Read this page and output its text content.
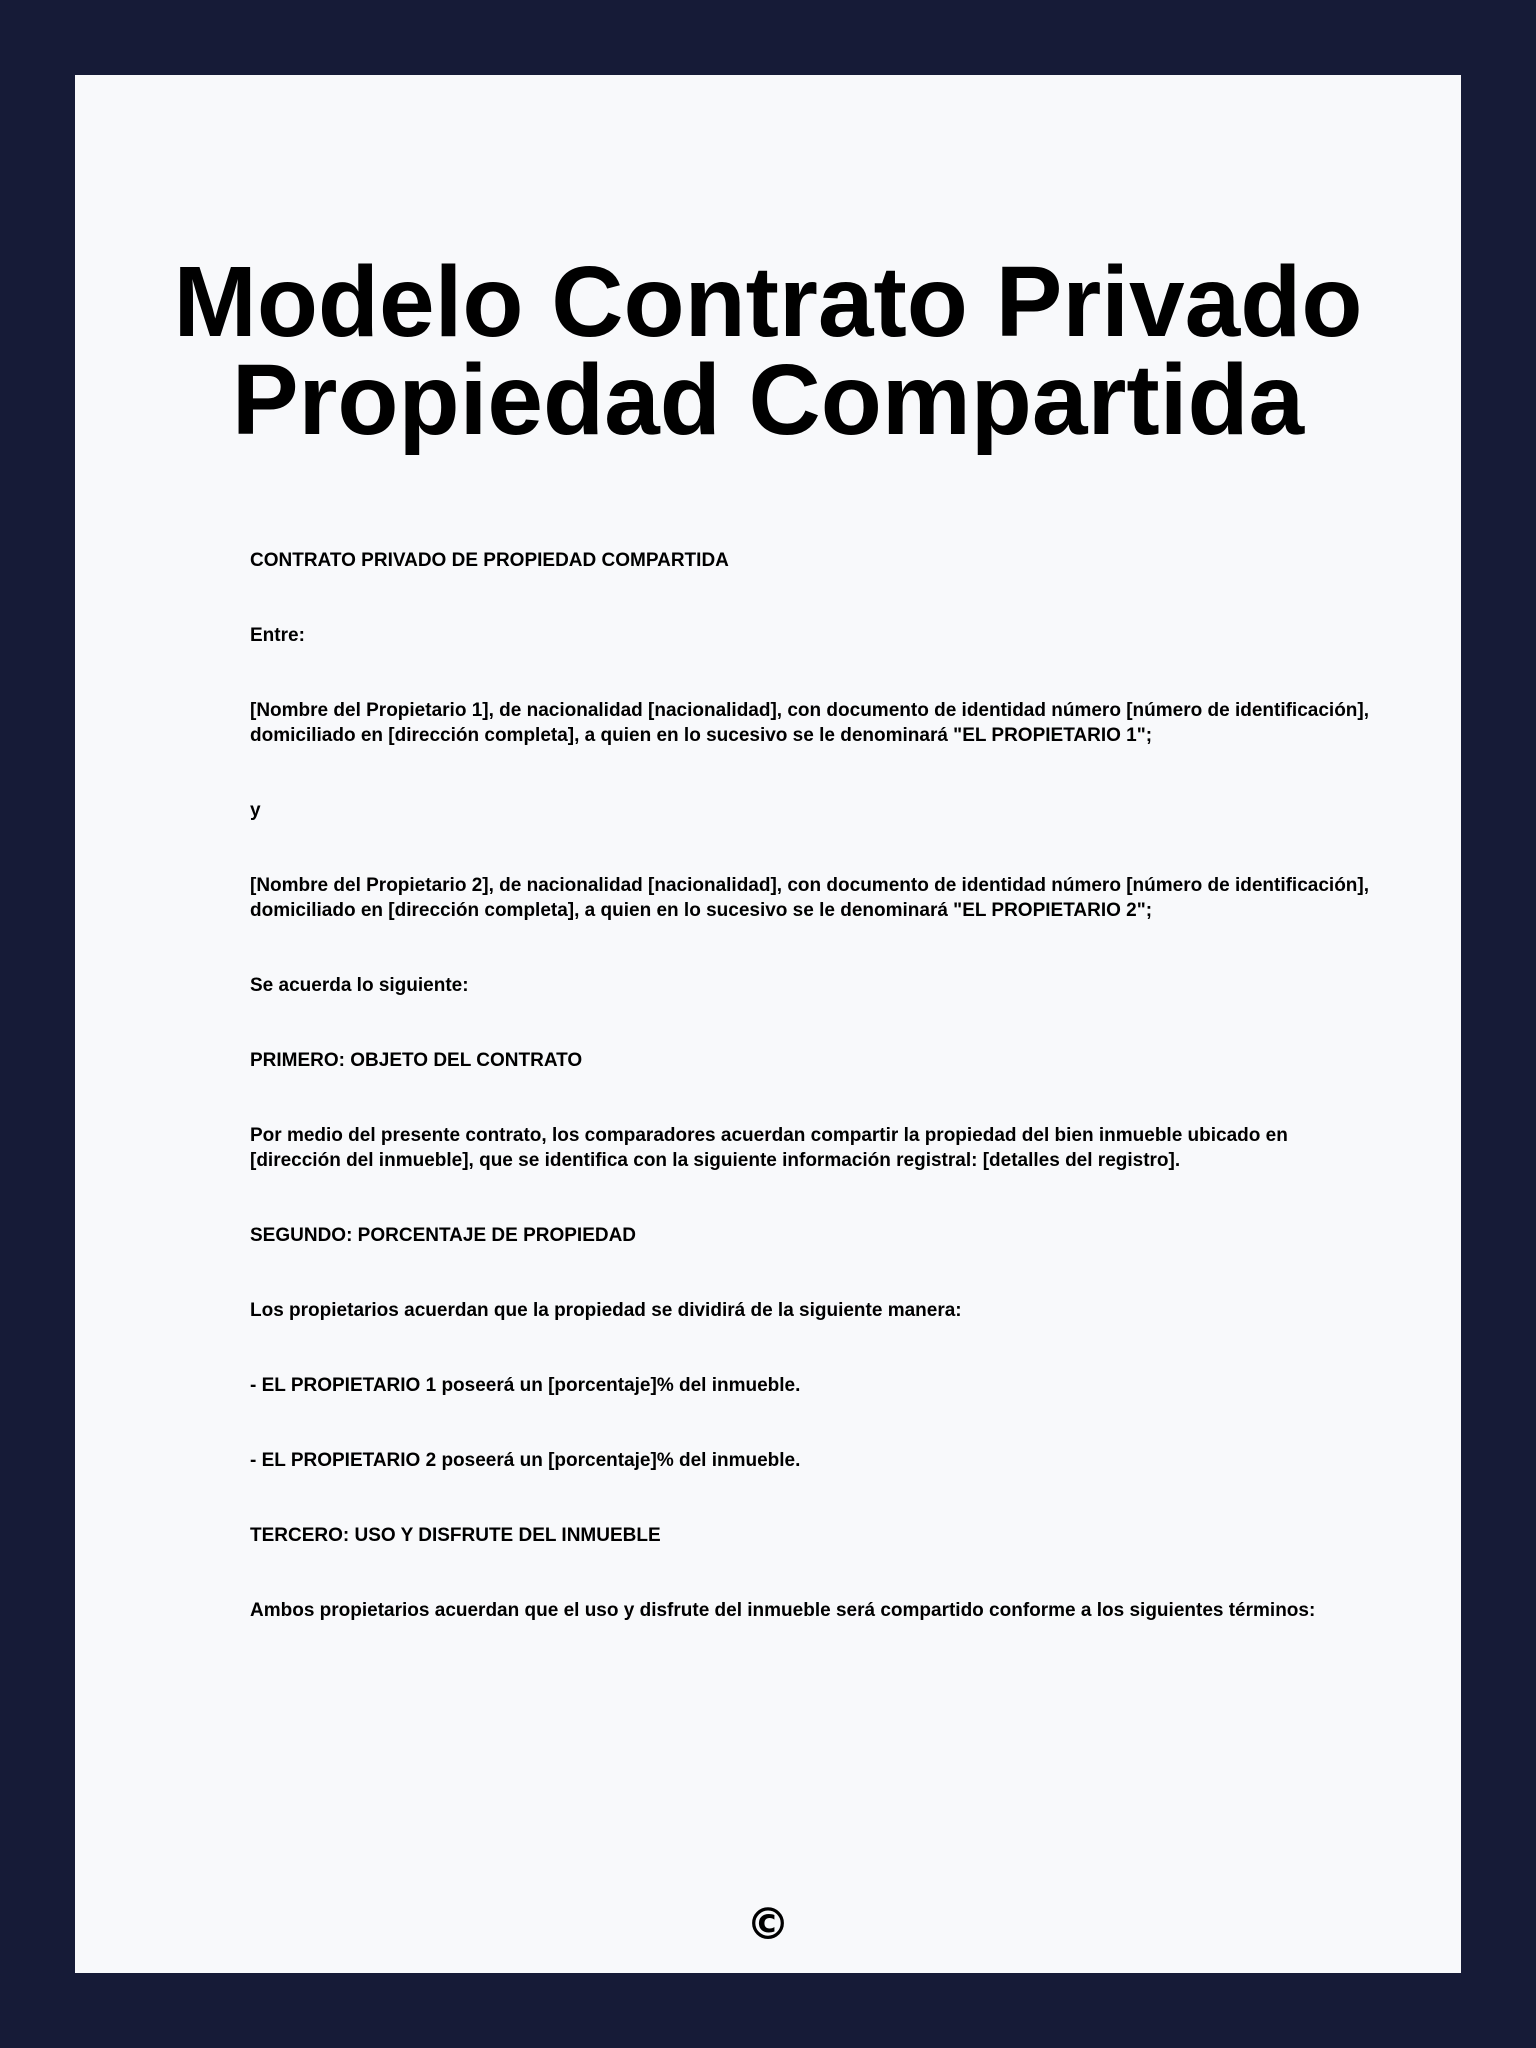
Modelo Contrato Privado
Propiedad Compartida

CONTRATO PRIVADO DE PROPIEDAD COMPARTIDA

Entre:

[Nombre del Propietario 1], de nacionalidad [nacionalidad], con documento de identidad número [número de identificación], domiciliado en [dirección completa], a quien en lo sucesivo se le denominará "EL PROPIETARIO 1";

y

[Nombre del Propietario 2], de nacionalidad [nacionalidad], con documento de identidad número [número de identificación], domiciliado en [dirección completa], a quien en lo sucesivo se le denominará "EL PROPIETARIO 2";

Se acuerda lo siguiente:

PRIMERO: OBJETO DEL CONTRATO

Por medio del presente contrato, los comparadores acuerdan compartir la propiedad del bien inmueble ubicado en [dirección del inmueble], que se identifica con la siguiente información registral: [detalles del registro].

SEGUNDO: PORCENTAJE DE PROPIEDAD

Los propietarios acuerdan que la propiedad se dividirá de la siguiente manera:

- EL PROPIETARIO 1 poseerá un [porcentaje]% del inmueble.

- EL PROPIETARIO 2 poseerá un [porcentaje]% del inmueble.

TERCERO: USO Y DISFRUTE DEL INMUEBLE

Ambos propietarios acuerdan que el uso y disfrute del inmueble será compartido conforme a los siguientes términos:

©
